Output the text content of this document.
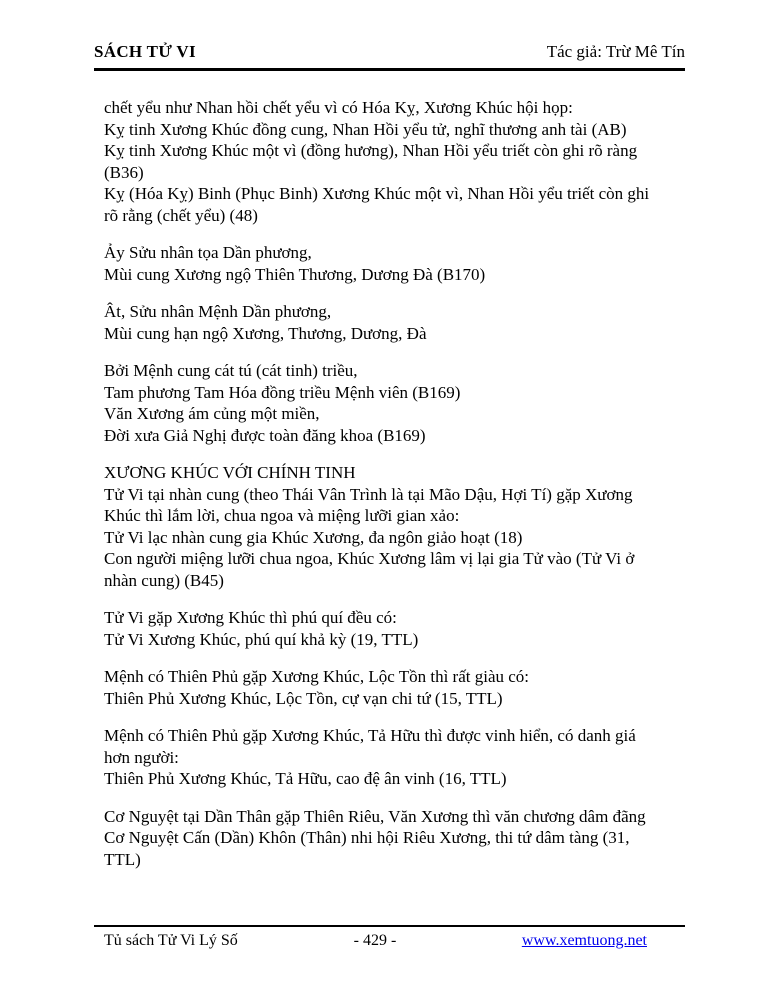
SÁCH TỬ VI	Tác giả: Trừ Mê Tín
chết yểu như Nhan hồi chết yểu vì có Hóa Kỵ, Xương Khúc hội họp:
Kỵ tinh Xương Khúc đồng cung, Nhan Hồi yểu tử, nghĩ thương anh tài (AB)
Kỵ tinh Xương Khúc một vì (đồng hương), Nhan Hồi yểu triết còn ghi rõ ràng
(B36)
Kỵ (Hóa Kỵ) Binh (Phục Binh) Xương Khúc một vì, Nhan Hồi yểu triết còn ghi
rõ rằng (chết yểu) (48)
Ảy Sửu nhân tọa Dần phương,
Mùi cung Xương ngộ Thiên Thương, Dương Đà (B170)
Ât, Sửu nhân Mệnh Dần phương,
Mùi cung hạn ngộ Xương, Thương, Dương, Đà
Bởi Mệnh cung cát tú (cát tinh) triều,
Tam phương Tam Hóa đồng triều Mệnh viên (B169)
Văn Xương ám củng một miền,
Đời xưa Giả Nghị được toàn đăng khoa (B169)
XƯƠNG KHÚC VỚI CHÍNH TINH
Tử Vi tại nhàn cung (theo Thái Vân Trình là tại Mão Dậu, Hợi Tí) gặp Xương
Khúc thì lắm lời, chua ngoa và miệng lưỡi gian xảo:
Tử Vi lạc nhàn cung gia Khúc Xương, đa ngôn giảo hoạt (18)
Con người miệng lưỡi chua ngoa, Khúc Xương lâm vị lại gia Tử vào (Tử Vi ở
nhàn cung) (B45)
Tử Vi gặp Xương Khúc thì phú quí đều có:
Tử Vi Xương Khúc, phú quí khả kỳ (19, TTL)
Mệnh có Thiên Phủ gặp Xương Khúc, Lộc Tồn thì rất giàu có:
Thiên Phủ Xương Khúc, Lộc Tồn, cự vạn chi tứ (15, TTL)
Mệnh có Thiên Phủ gặp Xương Khúc, Tả Hữu thì được vinh hiển, có danh giá
hơn người:
Thiên Phủ Xương Khúc, Tả Hữu, cao đệ ân vinh (16, TTL)
Cơ Nguyệt tại Dần Thân gặp Thiên Riêu, Văn Xương thì văn chương dâm đãng
Cơ Nguyệt Cấn (Dần) Khôn (Thân) nhi hội Riêu Xương, thi tứ dâm tàng (31,
TTL)
Tủ sách Tử Vi Lý Số	- 429 -	www.xemtuong.net
